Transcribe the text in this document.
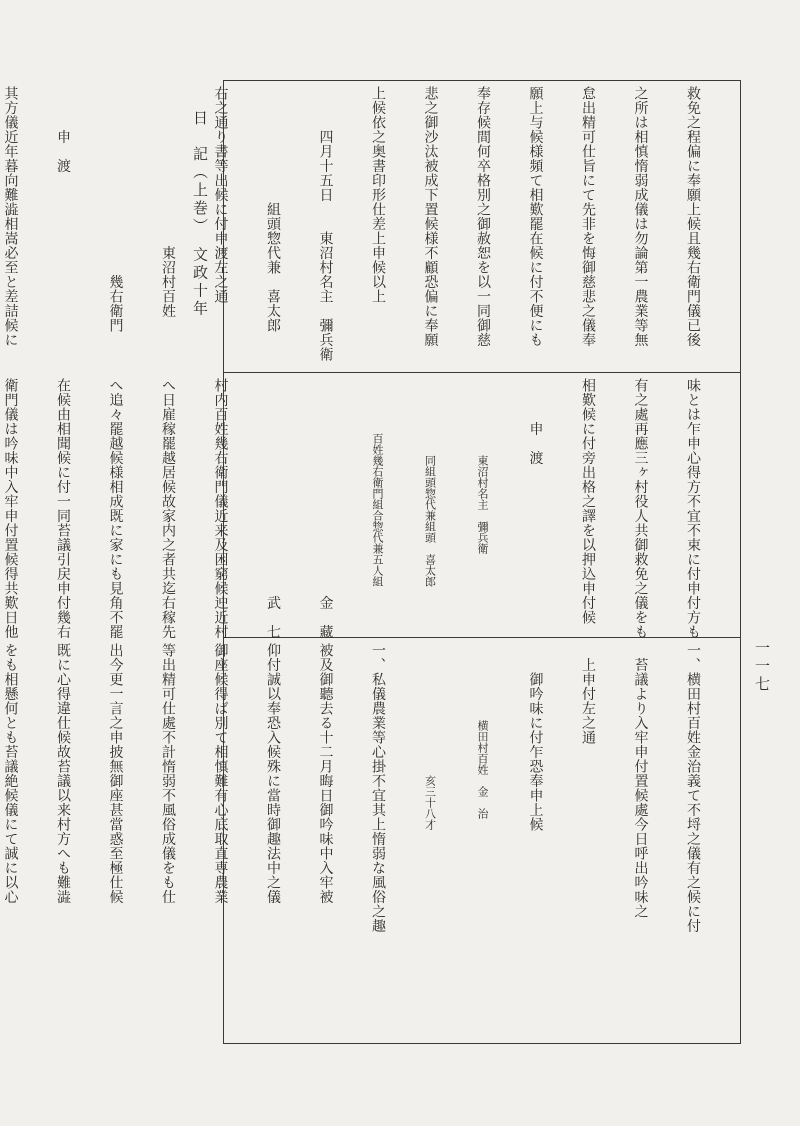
日　記（上巻）　文政十年
一一七

救免之程偏に奉願上候且幾右衛門儀已後

之所は相慎惰弱成儀は勿論第一農業等無

怠出精可仕旨にて先非を悔御慈悲之儀奉

願上与候様頻て相歎罷在候に付不便にも

奉存候間何卒格別之御赦恕を以一同御慈

悲之御沙汰被成下置候様不顧恐偏に奉願

上候依之奥書印形仕差上申候以上

　　　四月十五日　　東沼村名主　彌兵衛

　　　　　　　　組頭惣代兼　喜太郎

右之通り書等出候に付申渡左之通

　　　　　　　　　　　東沼村百姓

　　　　　　　　　　　　　幾右衛門

　　　申　渡

其方儀近年暮向難澁相嵩必至と差詰候に

味とは乍申心得方不宜不束に付申付方も

有之處再應三ヶ村役人共御救免之儀をも

相歎候に付旁出格之譯を以押込申付候

　　　申　渡

　　　　　　　東沼村名主　彌兵衛

　　　　　　　同組頭惣代兼組頭　喜太郎

　　　　　百姓幾右衛門組合惣代兼五人組

　　　　　　　　　　　　　　　金　藏

　　　　　　　　　　　　　　　武　七

村内百姓幾右衛門儀近来及困窮候迚近村

へ日雇稼罷越居候故家内之者共迄右稼先

へ追々罷越候様相成既に家にも見角不罷

在候由相聞候に付一同苔議引戻申付幾右

衛門儀は吟味中入牢申付置候得共歎日他

一、横田村百姓金治義て不埒之儀有之候に付

　苔議より入牢申付置候處今日呼出吟味之

　上申付左之通

　　御吟味に付乍恐奉申上候

　　　　　　　横田村百姓　金　治

　　　　　　　　　　　　亥三十八才

一、私儀農業等心掛不宜其上惰弱な風俗之趣

被及御聽去る十二月晦日御吟味中入牢被

仰付誠以奉恐入候殊に當時御趣法中之儀

御座候得ば別て相慎難有心底取直専農業

等出精可仕處不計惰弱不風俗成儀をも仕

出今更一言之申披無御座甚當惑至極仕候

既に心得違仕候故苔議以来村方へも難澁

をも相懸何とも苔議絶候儀にて誠に以心
